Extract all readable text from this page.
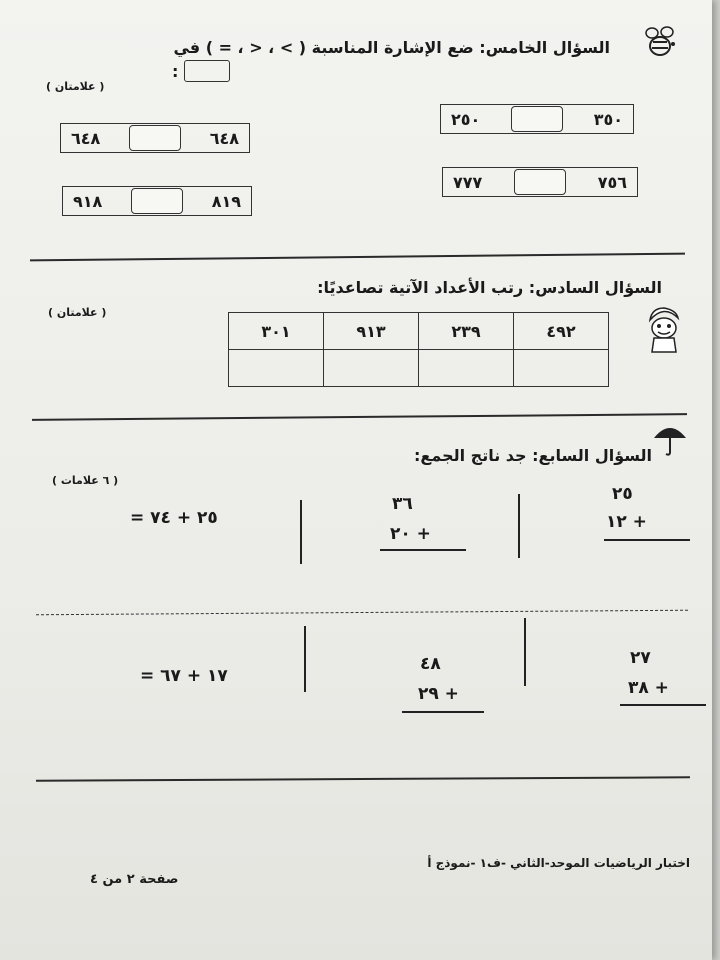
السؤال الخامس: ضع الإشارة المناسبة ( > ، < ، = ) في
:
( علامتان )
٦٤٨	٦٤٨
٢٥٠	٣٥٠
٩١٨	٨١٩
٧٧٧	٧٥٦
السؤال السادس: رتب الأعداد الآتية تصاعديًا:
( علامتان )
٣٠١	٩١٣	٢٣٩	٤٩٢

السؤال السابع: جد ناتج الجمع:
( ٦ علامات )
٢٥
١٢ +
٣٦
٢٠ +
= ٢٥ + ٧٤
٢٧
٣٨ +
٤٨
٢٩ +
= ١٧ + ٦٧
اختبار الرياضيات الموحد-الثاني -ف١ -نموذج أ
صفحة ٢ من ٤
